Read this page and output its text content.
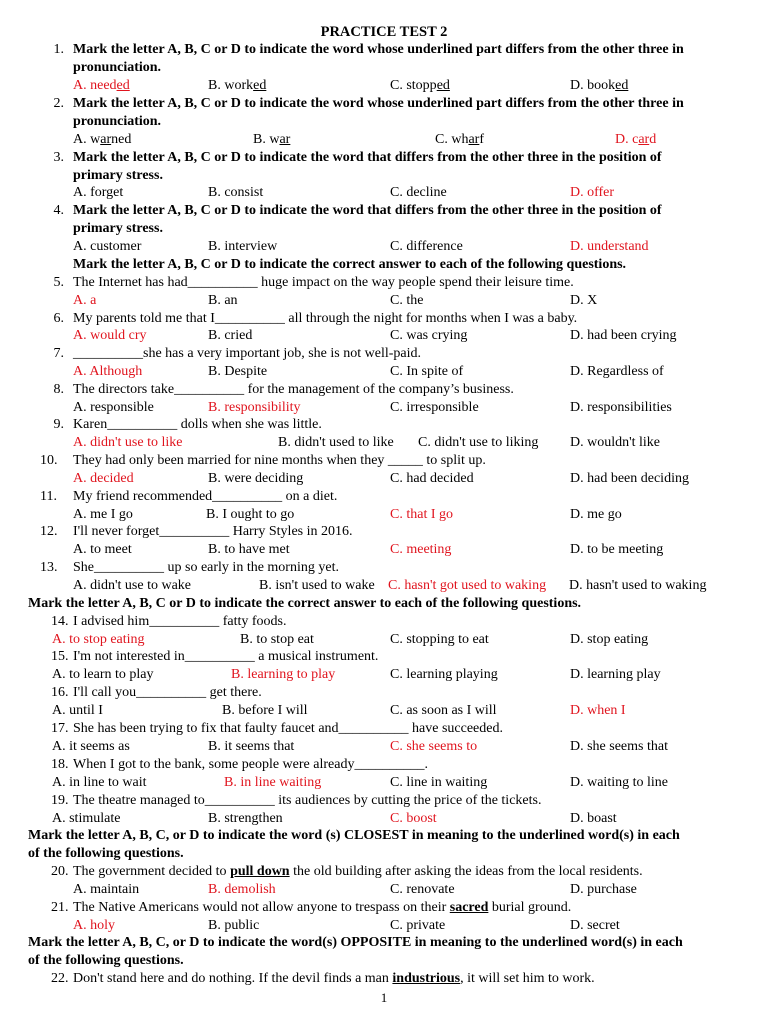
PRACTICE TEST 2
1. Mark the letter A, B, C or D to indicate the word whose underlined part differs from the other three in
pronunciation.
A. needed	B. worked	C. stopped	D. booked
2. Mark the letter A, B, C or D to indicate the word whose underlined part differs from the other three in
pronunciation.
A. warned	B. war	C. wharf	D. card
3. Mark the letter A, B, C or D to indicate the word that differs from the other three in the position of
primary stress.
A. forget	B. consist	C. decline	D. offer
4. Mark the letter A, B, C or D to indicate the word that differs from the other three in the position of
primary stress.
A. customer	B. interview	C. difference	D. understand
Mark the letter A, B, C or D to indicate the correct answer to each of the following questions.
5. The Internet has had__________ huge impact on the way people spend their leisure time.
A. a	B. an	C. the	D. X
6. My parents told me that I__________ all through the night for months when I was a baby.
A. would cry	B. cried	C. was crying	D. had been crying
7. __________she has a very important job, she is not well-paid.
A. Although	B. Despite	C. In spite of	D. Regardless of
8. The directors take__________ for the management of the company’s business.
A. responsible	B. responsibility	C. irresponsible	D. responsibilities
9. Karen__________ dolls when she was little.
A. didn't use to like	B. didn't used to like C. didn't use to liking D. wouldn't like
10.	They had only been married for nine months when they _____ to split up.
A. decided	B. were deciding	C. had decided	D. had been deciding
11.	My friend recommended__________ on a diet.
A. me I go	B. I ought to go	C. that I go	D. me go
12.	I'll never forget__________ Harry Styles in 2016.
A. to meet	B. to have met	C. meeting	D. to be meeting
13.	She__________ up so early in the morning yet.
A. didn't use to wake	B. isn't used to wake C. hasn't got used to waking D. hasn't used to waking
Mark the letter A, B, C or D to indicate the correct answer to each of the following questions.
14. I advised him__________ fatty foods.
A. to stop eating	B. to stop eat	C. stopping to eat	D. stop eating
15. I'm not interested in__________ a musical instrument.
A. to learn to play	B. learning to play	C. learning playing	D. learning play
16. I'll call you__________ get there.
A. until I	B. before I will	C. as soon as I will	D. when I
17. She has been trying to fix that faulty faucet and__________ have succeeded.
A. it seems as	B. it seems that	C. she seems to	D. she seems that
18. When I got to the bank, some people were already__________.
A. in line to wait	B. in line waiting	C. line in waiting	D. waiting to line
19. The theatre managed to__________ its audiences by cutting the price of the tickets.
A. stimulate	B. strengthen	C. boost	D. boast
Mark the letter A, B, C, or D to indicate the word (s) CLOSEST in meaning to the underlined word(s) in each
of the following questions.
20. The government decided to pull down the old building after asking the ideas from the local residents.
A. maintain	B. demolish	C. renovate	D. purchase
21. The Native Americans would not allow anyone to trespass on their sacred burial ground.
A. holy	B. public	C. private	D. secret
Mark the letter A, B, C, or D to indicate the word(s) OPPOSITE in meaning to the underlined word(s) in each
of the following questions.
22. Don't stand here and do nothing. If the devil finds a man industrious, it will set him to work.
1
